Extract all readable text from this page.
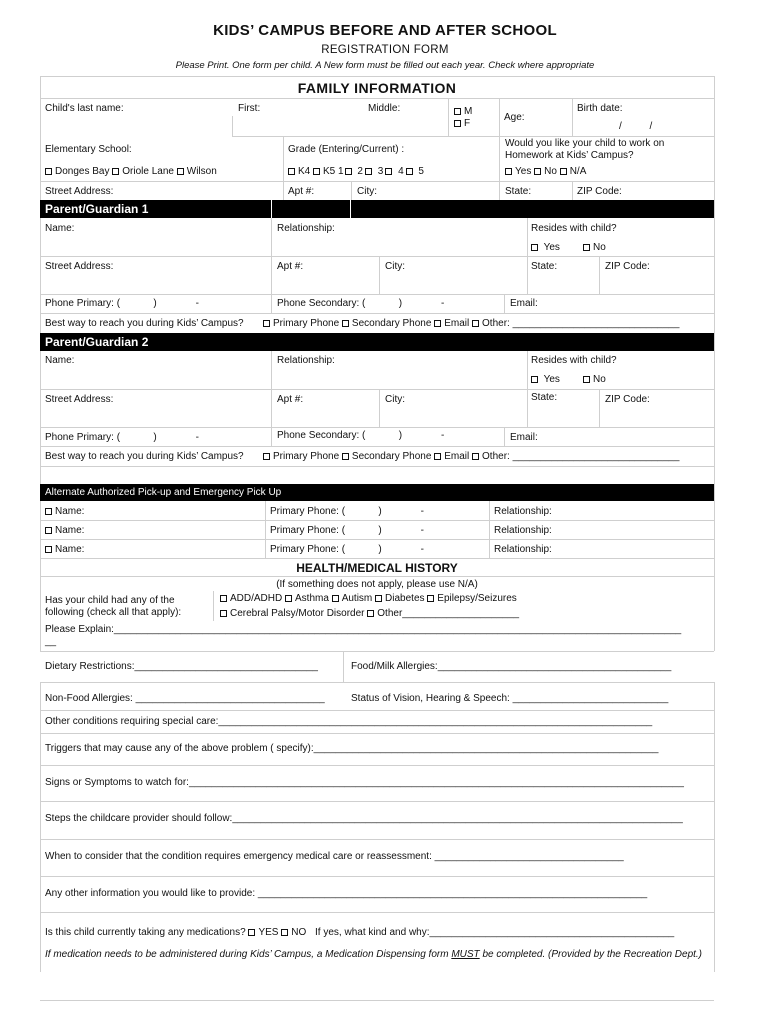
KIDS’ CAMPUS BEFORE AND AFTER SCHOOL
REGISTRATION FORM
Please Print. One form per child. A New form must be filled out each year. Check where appropriate
FAMILY INFORMATION
Child's last name:	First:	Middle:	M
F
Age:
Birth date:
/          /
Elementary School:	Grade (Entering/Current) :
Would you like your child to work on Homework at Kids’ Campus?
Donges Bay Oriole Lane Wilson	K4 K5 1 2 3 4 5	Yes No N/A
Street Address:	Apt #:	City:	State:	ZIP Code:
Parent/Guardian 1
Name:	Relationship:	Resides with child?
Yes	No
Street Address:	Apt #:	City:	State:	ZIP Code:
Phone Primary: (            )              -	Phone Secondary: (            )              -	Email:
Best way to reach you during Kids’ Campus?	Primary Phone Secondary Phone Email Other: ______________________________
Parent/Guardian 2
Name:	Relationship:	Resides with child?
Yes	No
Street Address:	Apt #:	City:	State:	ZIP Code:
Phone Primary: (            )              -	Phone Secondary: (            )              -	Email:
Best way to reach you during Kids’ Campus?	Primary Phone Secondary Phone Email Other: ______________________________
Alternate Authorized Pick-up and Emergency Pick Up
Name:	Primary Phone: (            )              -	Relationship:
Name:	Primary Phone: (            )              -	Relationship:
Name:	Primary Phone: (            )              -	Relationship:
HEALTH/MEDICAL HISTORY
(If something does not apply, please use N/A)
Has your child had any of the following (check all that apply):
ADD/ADHD Asthma Autism Diabetes Epilepsy/Seizures
Cerebral Palsy/Motor Disorder Other_____________________
Please Explain:________________________________________________________________________________________________________
Dietary Restrictions:_________________________________	Food/Milk Allergies:__________________________________________
Non-Food Allergies: __________________________________	Status of Vision, Hearing & Speech: ____________________________
Other conditions requiring special care:______________________________________________________________________________
Triggers that may cause any of the above problem ( specify):______________________________________________________________
Signs or Symptoms to watch for:_________________________________________________________________________________________
Steps the childcare provider should follow:_________________________________________________________________________________
When to consider that the condition requires emergency medical care or reassessment: __________________________________
Any other information you would like to provide: ______________________________________________________________________
Is this child currently taking any medications? YES NO If yes, what kind and why:____________________________________________
If medication needs to be administered during Kids’ Campus, a Medication Dispensing form MUST be completed. (Provided by the Recreation Dept.)
